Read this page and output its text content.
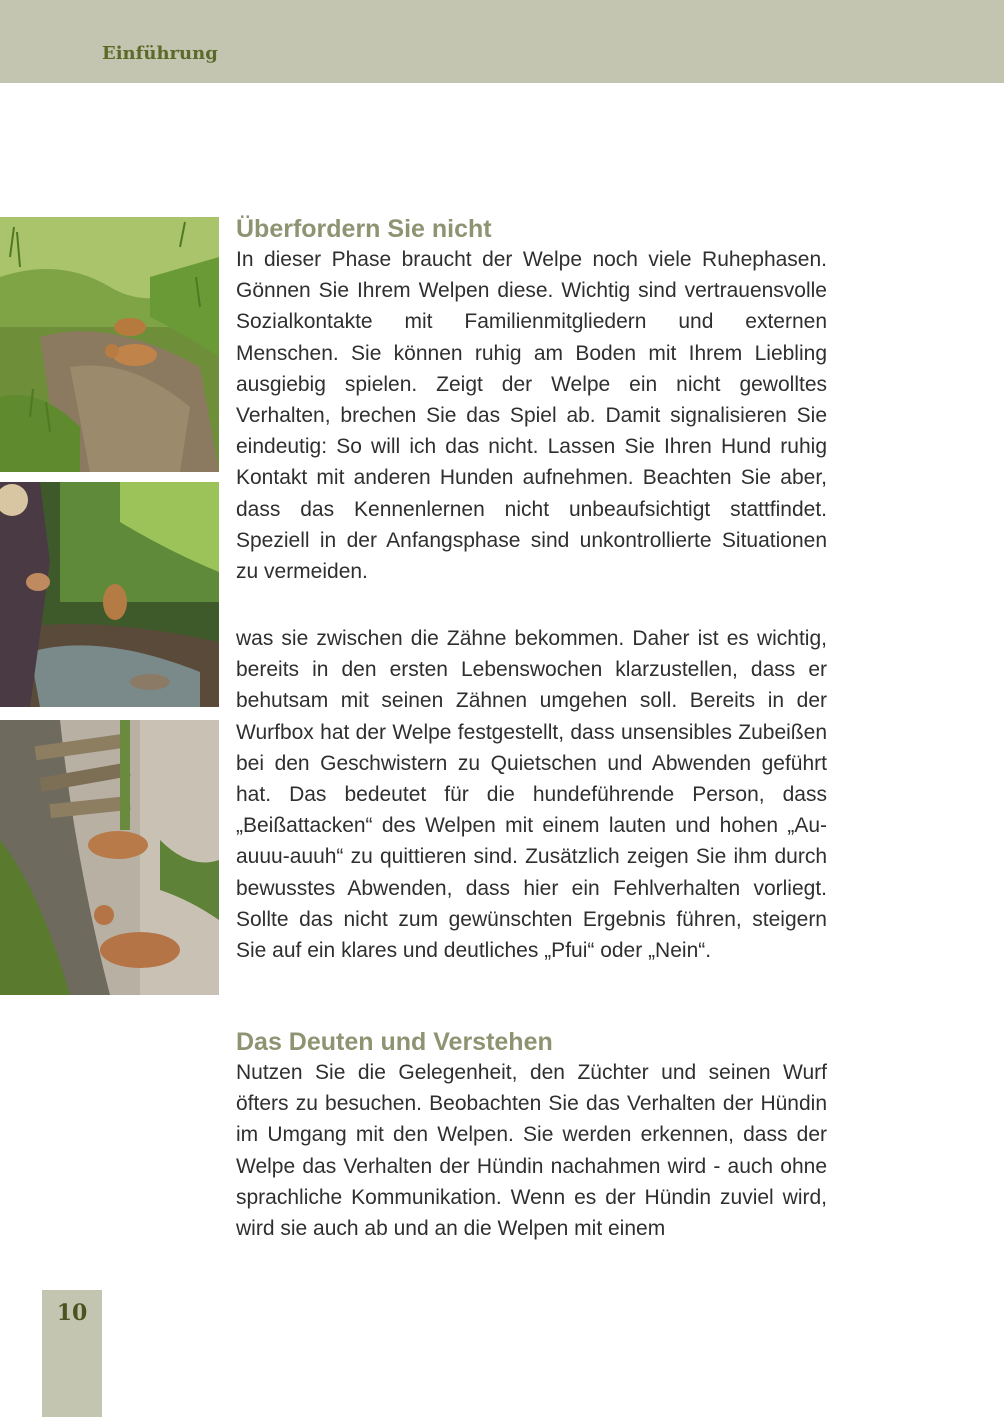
Einführung
Überfordern Sie nicht

In dieser Phase braucht der Welpe noch viele Ruhephasen. Gönnen Sie Ihrem Welpen diese. Wichtig sind vertrauensvolle Sozialkontakte mit Familienmitgliedern und externen Menschen. Sie können ruhig am Boden mit Ihrem Liebling ausgiebig spielen. Zeigt der Welpe ein nicht gewolltes Verhalten, brechen Sie das Spiel ab. Damit signalisieren Sie eindeutig: So will ich das nicht. Lassen Sie Ihren Hund ruhig Kontakt mit anderen Hunden aufnehmen. Beachten Sie aber, dass das Kennenlernen nicht unbeaufsichtigt stattfindet. Speziell in der Anfangsphase sind unkontrollierte Situationen zu vermeiden.

was sie zwischen die Zähne bekommen. Daher ist es wichtig, bereits in den ersten Lebenswochen klarzustellen, dass er behutsam mit seinen Zähnen umgehen soll. Bereits in der Wurfbox hat der Welpe festgestellt, dass unsensibles Zubeißen bei den Geschwistern zu Quietschen und Abwenden geführt hat. Das bedeutet für die hundeführende Person, dass „Beißattacken“ des Welpen mit einem lauten und hohen „Au-auuu-auuh“ zu quittieren sind. Zusätzlich zeigen Sie ihm durch bewusstes Abwenden, dass hier ein Fehlverhalten vorliegt. Sollte das nicht zum gewünschten Ergebnis führen, steigern Sie auf ein klares und deutliches „Pfui“ oder „Nein“.

Das Deuten und Verstehen

Nutzen Sie die Gelegenheit, den Züchter und seinen Wurf öfters zu besuchen. Beobachten Sie das Verhalten der Hündin im Umgang mit den Welpen. Sie werden erkennen, dass der Welpe das Verhalten der Hündin nachahmen wird - auch ohne sprachliche Kommunikation. Wenn es der Hündin zuviel wird, wird sie auch ab und an die Welpen mit einem

10
